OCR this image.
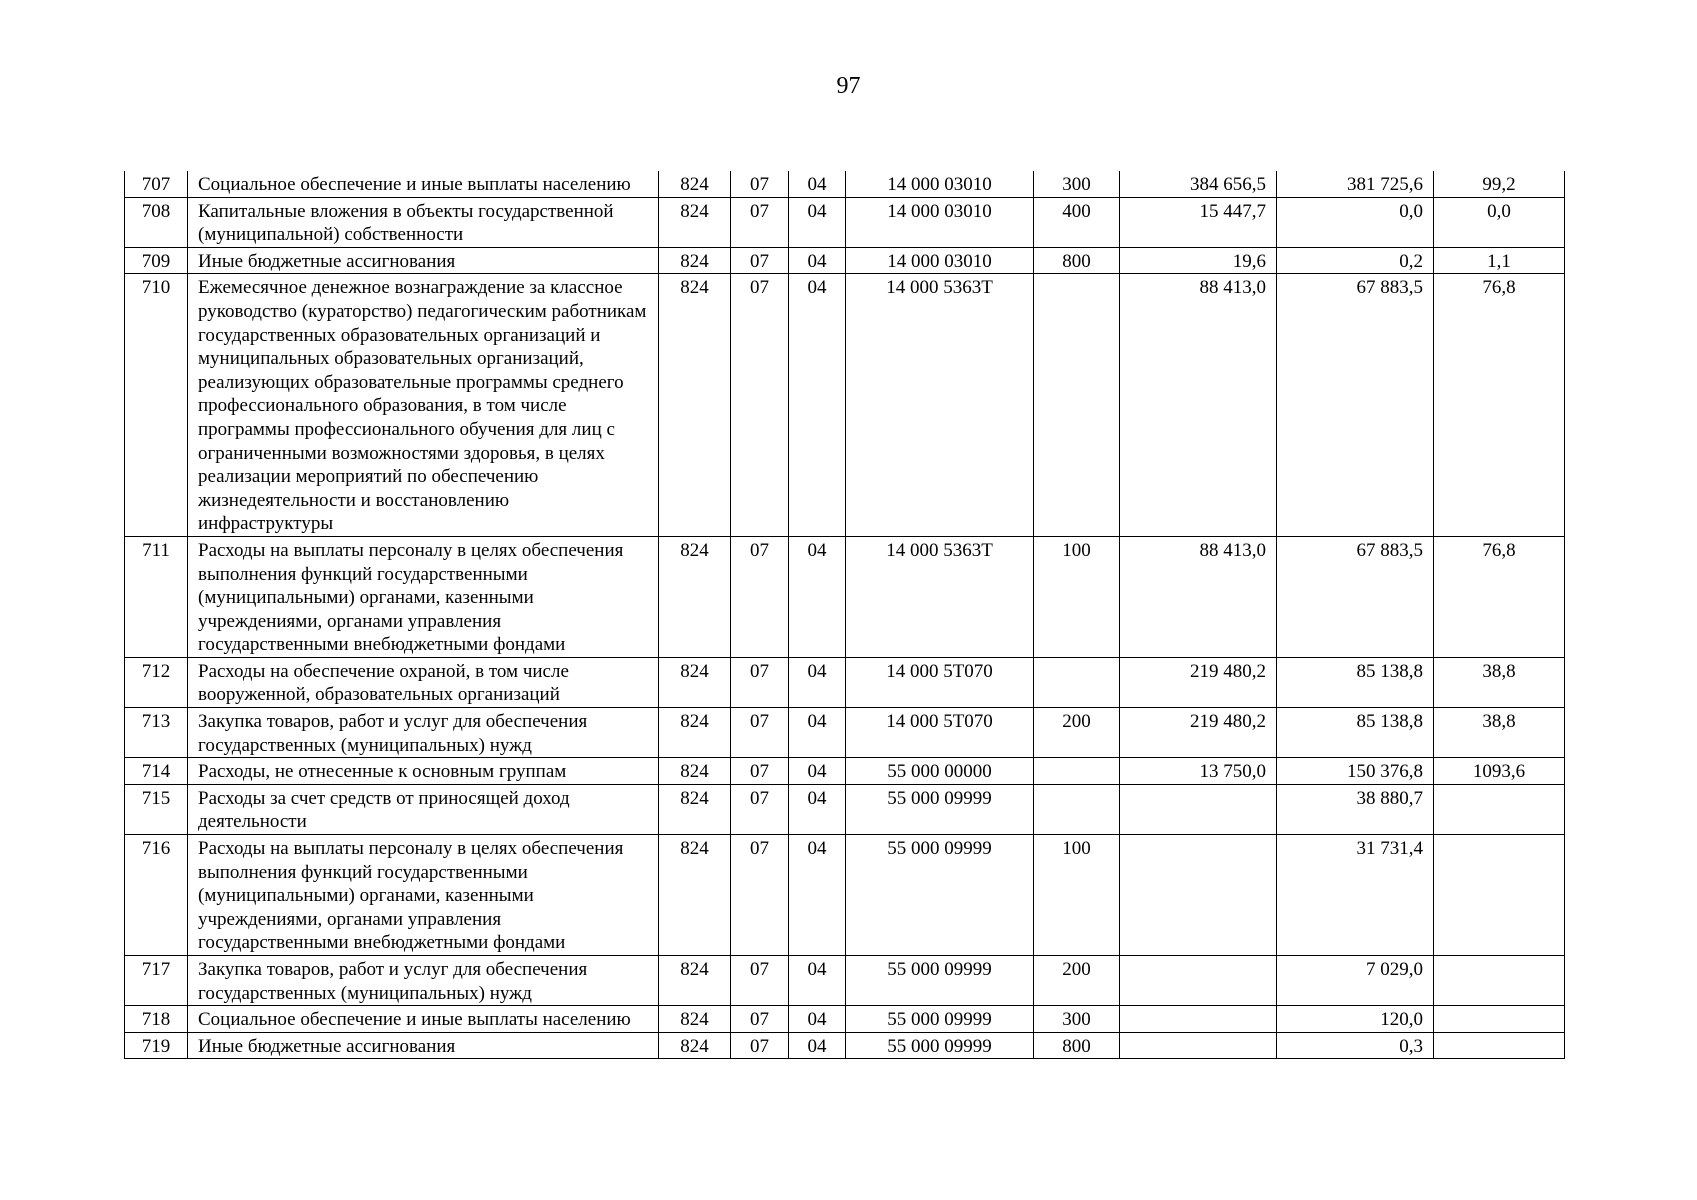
97
707	Социальное обеспечение и иные выплаты населению	824	07	04	14 000 03010	300	384 656,5	381 725,6	99,2
708	Капитальные вложения в объекты государственной (муниципальной) собственности	824	07	04	14 000 03010	400	15 447,7	0,0	0,0
709	Иные бюджетные ассигнования	824	07	04	14 000 03010	800	19,6	0,2	1,1
710	Ежемесячное денежное вознаграждение за классное руководство (кураторство) педагогическим работникам государственных образовательных организаций и муниципальных образовательных организаций, реализующих образовательные программы среднего профессионального образования, в том числе программы профессионального обучения для лиц с ограниченными возможностями здоровья, в целях реализации мероприятий по обеспечению жизнедеятельности и восстановлению инфраструктуры	824	07	04	14 000 5363Т		88 413,0	67 883,5	76,8
711	Расходы на выплаты персоналу в целях обеспечения выполнения функций государственными (муниципальными) органами, казенными учреждениями, органами управления государственными внебюджетными фондами	824	07	04	14 000 5363Т	100	88 413,0	67 883,5	76,8
712	Расходы на обеспечение охраной, в том числе вооруженной, образовательных организаций	824	07	04	14 000 5Т070		219 480,2	85 138,8	38,8
713	Закупка товаров, работ и услуг для обеспечения государственных (муниципальных) нужд	824	07	04	14 000 5Т070	200	219 480,2	85 138,8	38,8
714	Расходы, не отнесенные к основным группам	824	07	04	55 000 00000		13 750,0	150 376,8	1093,6
715	Расходы за счет средств от приносящей доход деятельности	824	07	04	55 000 09999			38 880,7	
716	Расходы на выплаты персоналу в целях обеспечения выполнения функций государственными (муниципальными) органами, казенными учреждениями, органами управления государственными внебюджетными фондами	824	07	04	55 000 09999	100		31 731,4	
717	Закупка товаров, работ и услуг для обеспечения государственных (муниципальных) нужд	824	07	04	55 000 09999	200		7 029,0	
718	Социальное обеспечение и иные выплаты населению	824	07	04	55 000 09999	300		120,0	
719	Иные бюджетные ассигнования	824	07	04	55 000 09999	800		0,3	
